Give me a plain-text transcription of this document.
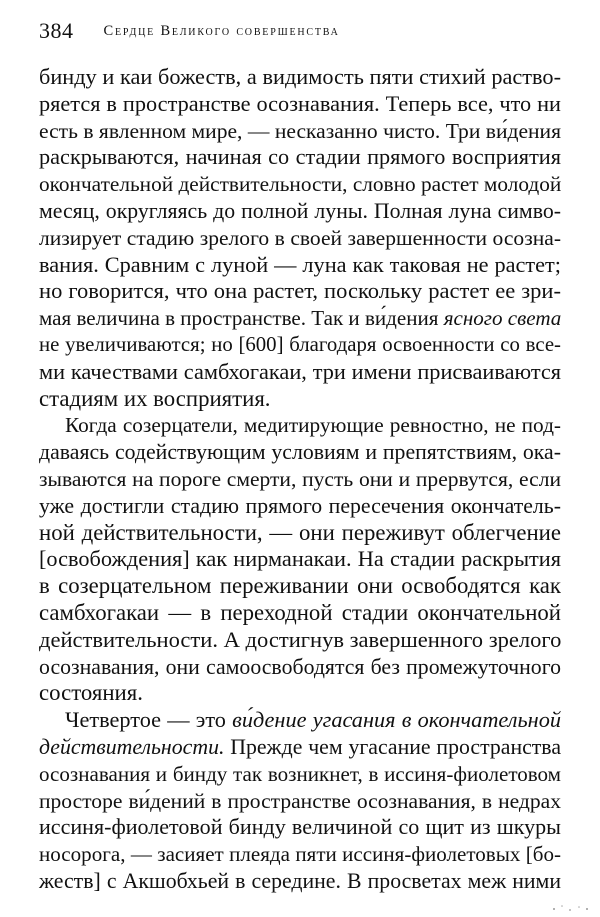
384 Сердце Великого совершенства
бинду и каи божеств, а видимость пяти стихий раство-
ряется в пространстве осознавания. Теперь все, что ни
есть в явленном мире, — несказанно чисто. Три ви́дения
раскрываются, начиная со стадии прямого восприятия
окончательной действительности, словно растет молодой
месяц, округляясь до полной луны. Полная луна симво-
лизирует стадию зрелого в своей завершенности осозна-
вания. Сравним с луной — луна как таковая не растет;
но говорится, что она растет, поскольку растет ее зри-
мая величина в пространстве. Так и ви́дения ясного света
не увеличиваются; но [600] благодаря освоенности со все-
ми качествами самбхогакаи, три имени присваиваются
стадиям их восприятия.
Когда созерцатели, медитирующие ревностно, не под-
даваясь содействующим условиям и препятствиям, ока-
зываются на пороге смерти, пусть они и прервутся, если
уже достигли стадию прямого пересечения окончатель-
ной действительности, — они переживут облегчение
[освобождения] как нирманакаи. На стадии раскрытия
в созерцательном переживании они освободятся как
самбхогакаи — в переходной стадии окончательной
действительности. А достигнув завершенного зрелого
осознавания, они самоосвободятся без промежуточного
состояния.
Четвертое — это ви́дение угасания в окончательной
действительности. Прежде чем угасание пространства
осознавания и бинду так возникнет, в иссиня-фиолетовом
просторе ви́дений в пространстве осознавания, в недрах
иссиня-фиолетовой бинду величиной со щит из шкуры
носорога, — засияет плеяда пяти иссиня-фиолетовых [бо-
жеств] с Акшобхьей в середине. В просветах меж ними
